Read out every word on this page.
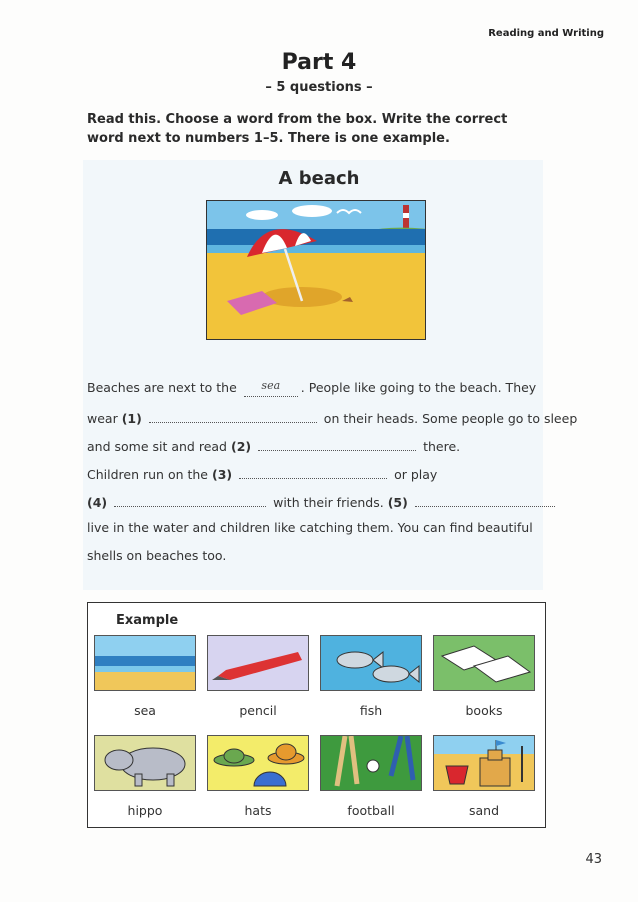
Reading and Writing
Part 4
– 5 questions –
Read this. Choose a word from the box. Write the correct word next to numbers 1–5. There is one example.
A beach
Beaches are next to the	sea	. People like going to the beach. They
wear (1)	on their heads. Some people go to sleep
and some sit and read (2)	there.
Children run on the (3)	or play
(4)	with their friends. (5)
live in the water and children like catching them. You can find beautiful
shells on beaches too.
Example
sea	pencil	fish	books
hippo	hats	football	sand
43
